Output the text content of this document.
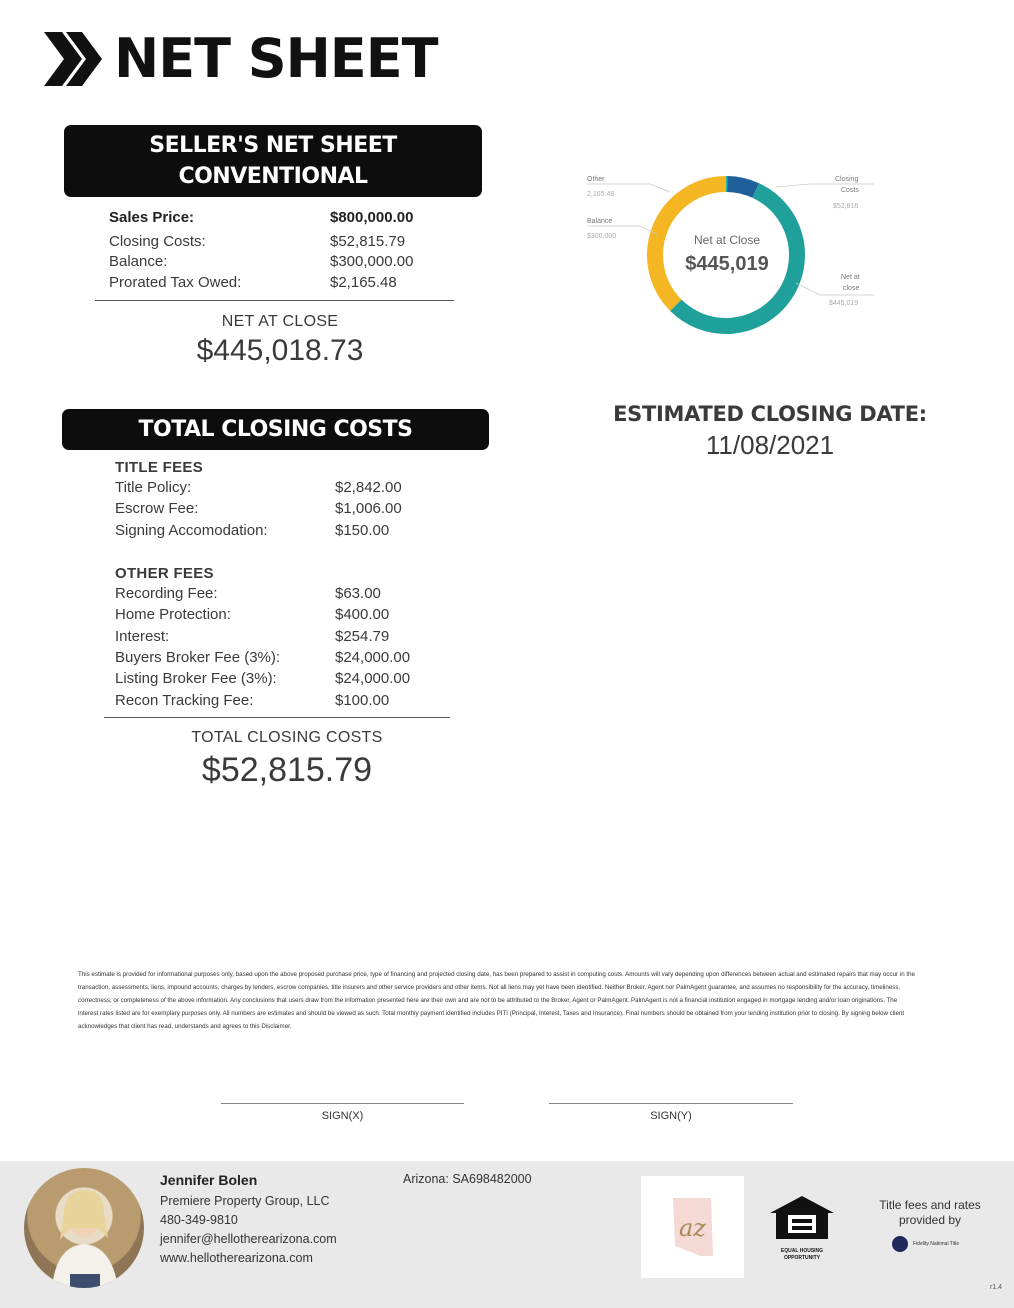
NET SHEET
SELLER'S NET SHEET
CONVENTIONAL
Sales Price:	$800,000.00
Closing Costs:	$52,815.79
Balance:	$300,000.00
Prorated Tax Owed:	$2,165.48
NET AT CLOSE
$445,018.73
Other
2,165.48
Balance
$300,000
Closing
Costs
$52,816
Net at
close
$445,019
Net at Close
$445,019
ESTIMATED CLOSING DATE:
11/08/2021
TOTAL CLOSING COSTS
TITLE FEES
Title Policy:	$2,842.00
Escrow Fee:	$1,006.00
Signing Accomodation:	$150.00
OTHER FEES
Recording Fee:	$63.00
Home Protection:	$400.00
Interest:	$254.79
Buyers Broker Fee (3%):	$24,000.00
Listing Broker Fee (3%):	$24,000.00
Recon Tracking Fee:	$100.00
TOTAL CLOSING COSTS
$52,815.79
This estimate is provided for informational purposes only, based upon the above proposed purchase price, type of financing and projected closing date, has been prepared to assist in computing costs. Amounts will vary depending upon differences between actual and estimated repairs that may occur in the transaction, assessments, liens, impound accounts, charges by lenders, escrow companies, title insurers and other service providers and other items. Not all liens may yet have been identified. Neither Broker, Agent nor PalmAgent guarantee, and assumes no responsibility for the accuracy, timeliness, correctness, or completeness of the above information. Any conclusions that users draw from the information presented here are their own and are not to be attributed to the Broker, Agent or PalmAgent. PalmAgent is not a financial institution engaged in mortgage lending and/or loan originations. The interest rates listed are for exemplary purposes only. All numbers are estimates and should be viewed as such. Total monthly payment identified includes PITI (Principal, Interest, Taxes and Insurance). Final numbers should be obtained from your lending institution prior to closing. By signing below client acknowledges that client has read, understands and agrees to this Disclaimer.
SIGN(X)	SIGN(Y)
Jennifer Bolen
Premiere Property Group, LLC
480-349-9810
jennifer@hellotherearizona.com
www.hellotherearizona.com
Arizona: SA698482000
az
EQUAL HOUSING
OPPORTUNITY
Title fees and rates provided by
Fidelity National Title
r1.4
